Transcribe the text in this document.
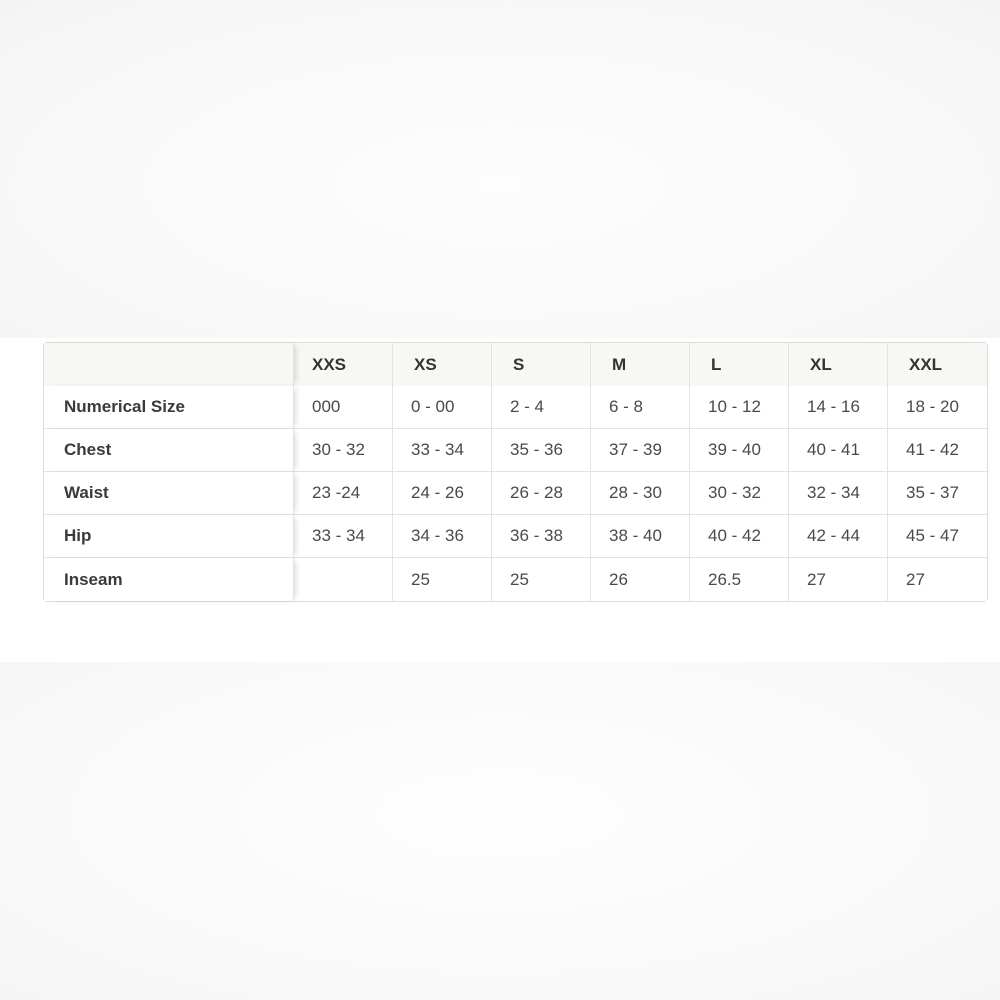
	XXS	XS	S	M	L	XL	XXL
Numerical Size	000	0 - 00	2 - 4	6 - 8	10 - 12	14 - 16	18 - 20
Chest	30 - 32	33 - 34	35 - 36	37 - 39	39 - 40	40 - 41	41 - 42
Waist	23 -24	24 - 26	26 - 28	28 - 30	30 - 32	32 - 34	35 - 37
Hip	33 - 34	34 - 36	36 - 38	38 - 40	40 - 42	42 - 44	45 - 47
Inseam		25	25	26	26.5	27	27
